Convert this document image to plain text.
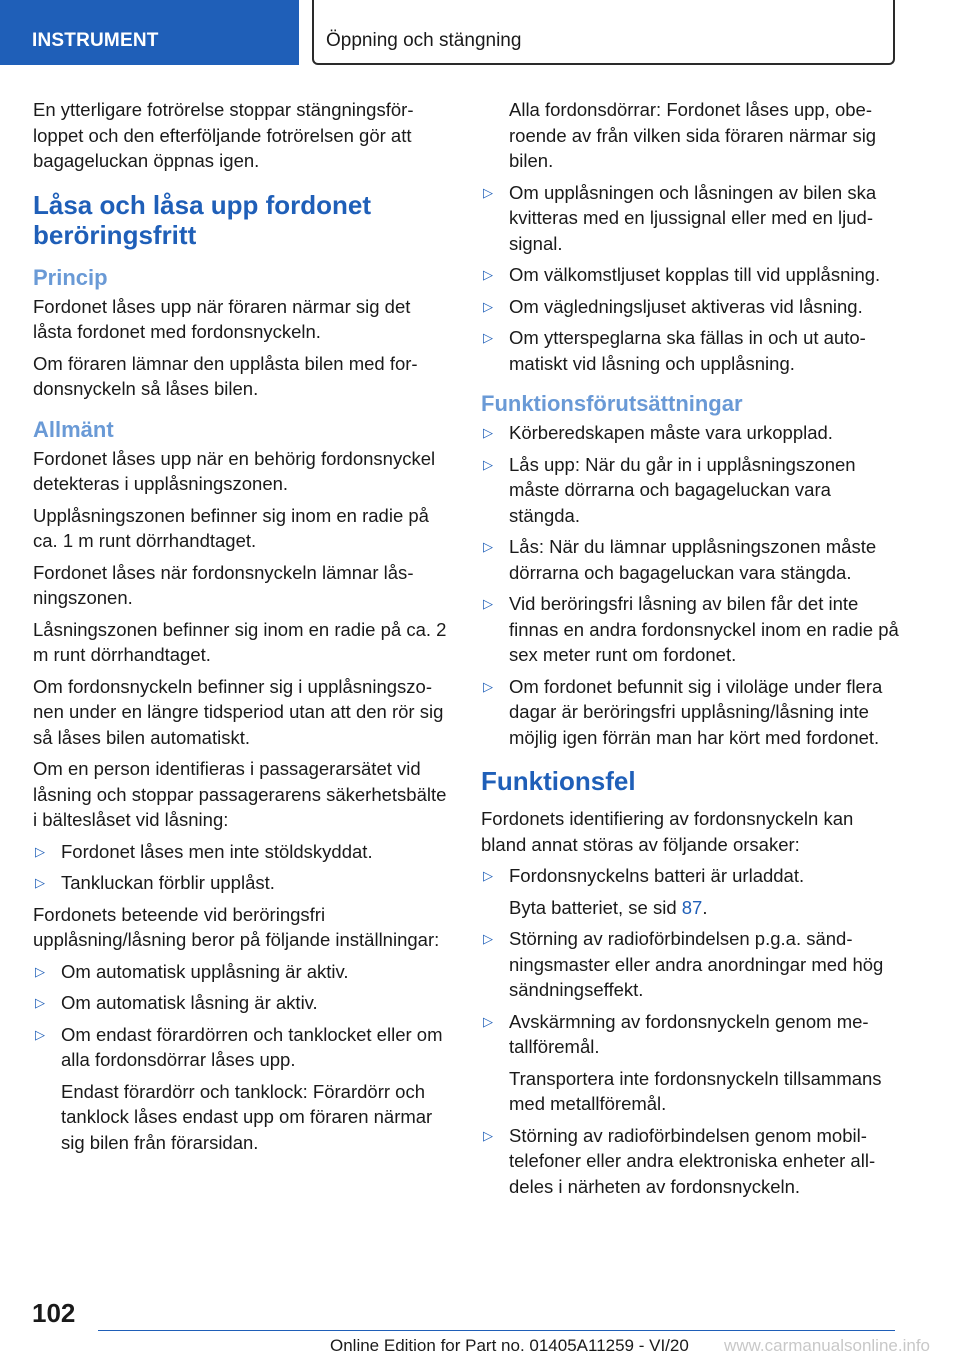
INSTRUMENT	Öppning och stängning

En ytterligare fotrörelse stoppar stängningsförloppet och den efterföljande fotrörelsen gör att bagageluckan öppnas igen.

Låsa och låsa upp fordonet beröringsfritt
Princip

Fordonet låses upp när föraren närmar sig det låsta fordonet med fordonsnyckeln.

Om föraren lämnar den upplåsta bilen med fordonsnyckeln så låses bilen.

Allmänt

Fordonet låses upp när en behörig fordonsnyckel detekteras i upplåsningszonen.

Upplåsningszonen befinner sig inom en radie på ca. 1 m runt dörrhandtaget.

Fordonet låses när fordonsnyckeln lämnar låsningszonen.

Låsningszonen befinner sig inom en radie på ca. 2 m runt dörrhandtaget.

Om fordonsnyckeln befinner sig i upplåsningszonen under en längre tidsperiod utan att den rör sig så låses bilen automatiskt.

Om en person identifieras i passagerarsätet vid låsning och stoppar passagerarens säkerhetsbälte i bälteslåset vid låsning:

▷ Fordonet låses men inte stöldskyddat.
▷ Tankluckan förblir upplåst.

Fordonets beteende vid beröringsfri upplåsning/låsning beror på följande inställningar:

▷ Om automatisk upplåsning är aktiv.
▷ Om automatisk låsning är aktiv.
▷ Om endast förardörren och tanklocket eller om alla fordonsdörrar låses upp.
Endast förardörr och tanklock: Förardörr och tanklock låses endast upp om föraren närmar sig bilen från förarsidan.
Alla fordonsdörrar: Fordonet låses upp, oberoende av från vilken sida föraren närmar sig bilen.
▷ Om upplåsningen och låsningen av bilen ska kvitteras med en ljussignal eller med en ljudsignal.
▷ Om välkomstljuset kopplas till vid upplåsning.
▷ Om vägledningsljuset aktiveras vid låsning.
▷ Om ytterspeglarna ska fällas in och ut automatiskt vid låsning och upplåsning.
Funktionsförutsättningar
▷ Körberedskapen måste vara urkopplad.
▷ Lås upp: När du går in i upplåsningszonen måste dörrarna och bagageluckan vara stängda.
▷ Lås: När du lämnar upplåsningszonen måste dörrarna och bagageluckan vara stängda.
▷ Vid beröringsfri låsning av bilen får det inte finnas en andra fordonsnyckel inom en radie på sex meter runt om fordonet.
▷ Om fordonet befunnit sig i viloläge under flera dagar är beröringsfri upplåsning/låsning inte möjlig igen förrän man har kört med fordonet.
Funktionsfel

Fordonets identifiering av fordonsnyckeln kan bland annat störas av följande orsaker:

▷ Fordonsnyckelns batteri är urladdat.
Byta batteriet, se sid 87.
▷ Störning av radioförbindelsen p.g.a. sändningsmaster eller andra anordningar med hög sändningseffekt.
▷ Avskärmning av fordonsnyckeln genom metallföremål.
Transportera inte fordonsnyckeln tillsammans med metallföremål.
▷ Störning av radioförbindelsen genom mobiltelefoner eller andra elektroniska enheter alldeles i närheten av fordonsnyckeln.
102
Online Edition for Part no. 01405A11259 - VI/20 www.carmanualsonline.info
